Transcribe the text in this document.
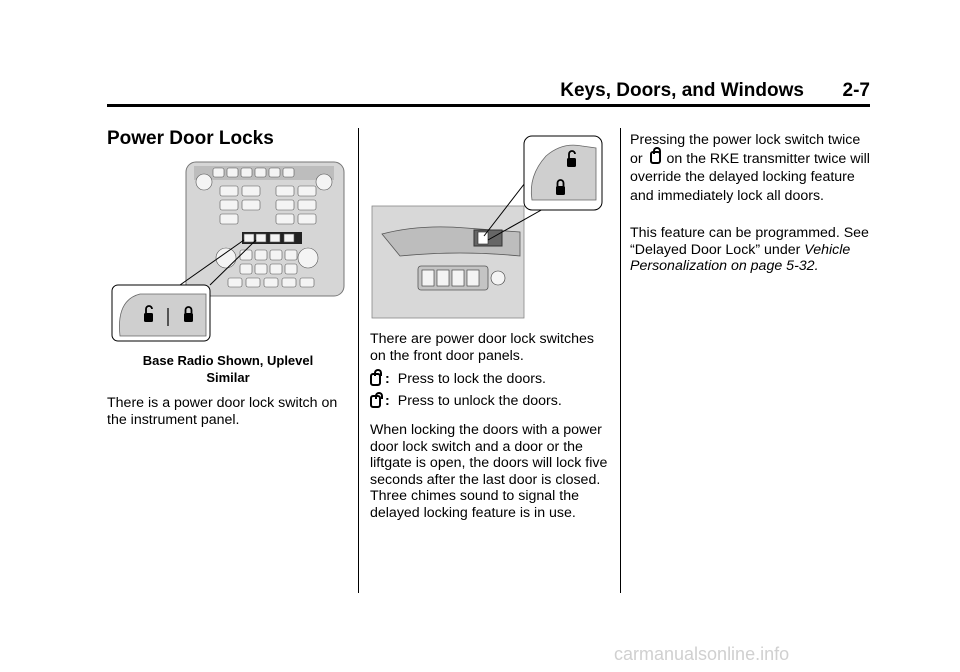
Keys, Doors, and Windows 2-7
Power Door Locks
Base Radio Shown, Uplevel Similar

There is a power door lock switch on the instrument panel.

There are power door lock switches on the front door panels.

: Press to lock the doors.
: Press to unlock the doors.

When locking the doors with a power door lock switch and a door or the liftgate is open, the doors will lock five seconds after the last door is closed. Three chimes sound to signal the delayed locking feature is in use.

Pressing the power lock switch twice or on the RKE transmitter twice will override the delayed locking feature and immediately lock all doors.

This feature can be programmed. See “Delayed Door Lock” under Vehicle Personalization on page 5-32.

carmanualsonline.info
